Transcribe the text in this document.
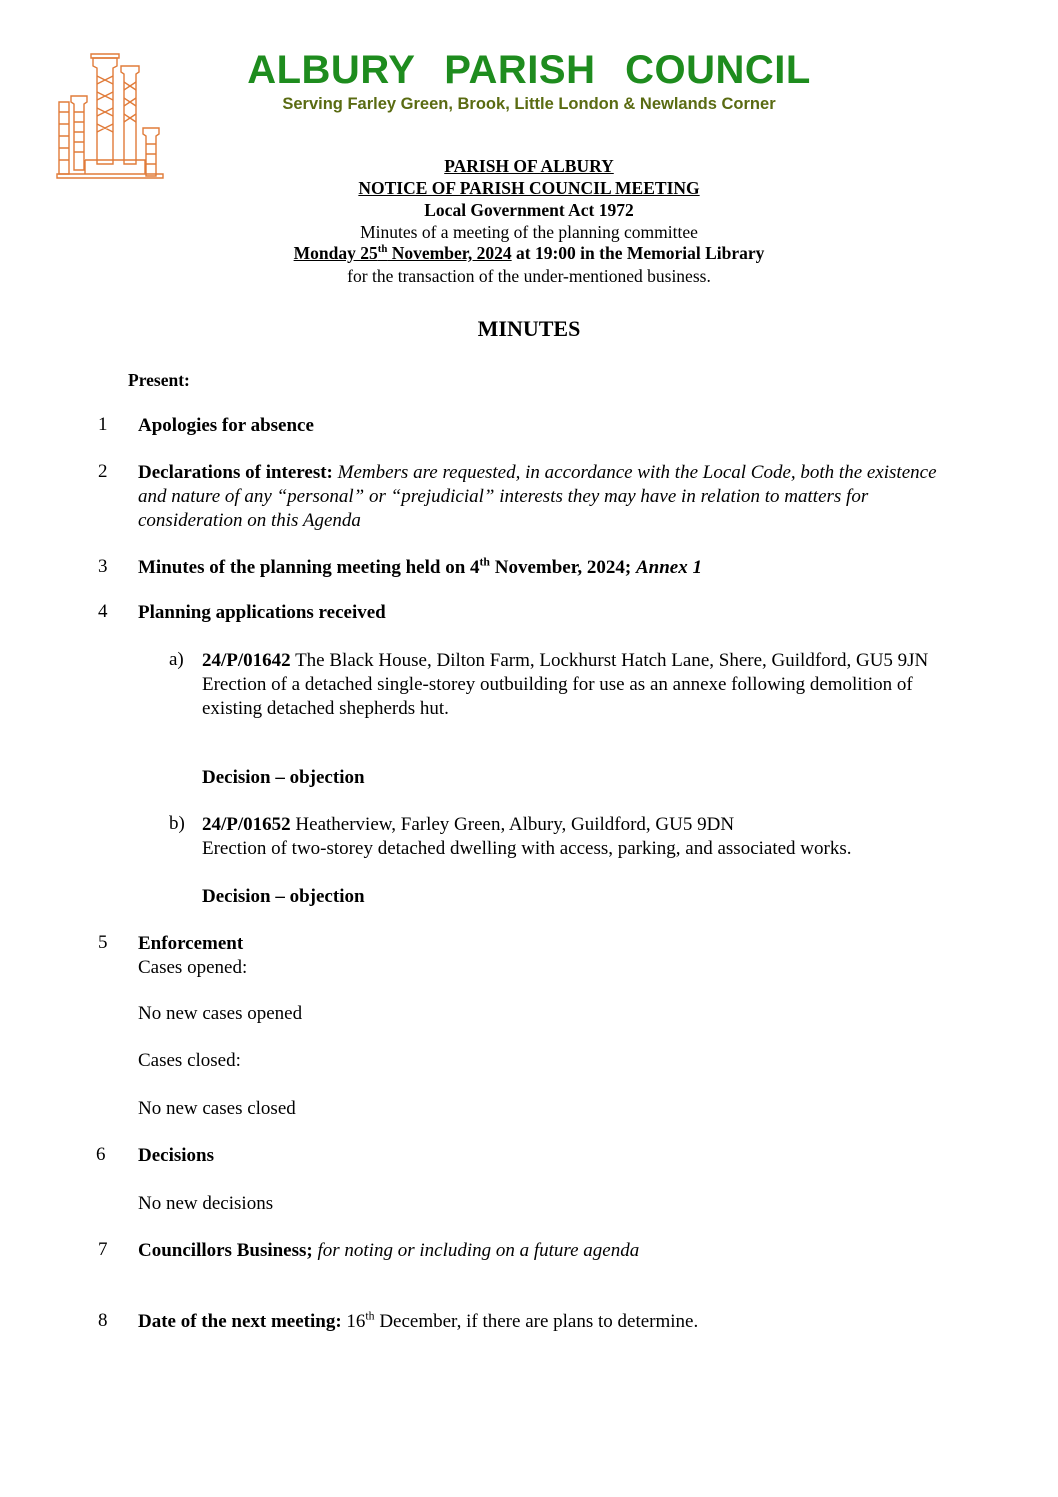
ALBURY PARISH COUNCIL
Serving Farley Green, Brook, Little London & Newlands Corner
PARISH OF ALBURY
NOTICE OF PARISH COUNCIL MEETING
Local Government Act 1972
Minutes of a meeting of the planning committee
Monday 25th November, 2024 at 19:00 in the Memorial Library
for the transaction of the under-mentioned business.
MINUTES
Present:
1	Apologies for absence
2	Declarations of interest: Members are requested, in accordance with the Local Code, both the existence and nature of any “personal” or “prejudicial” interests they may have in relation to matters for consideration on this Agenda
3	Minutes of the planning meeting held on 4th November, 2024; Annex 1
4	Planning applications received
a) 24/P/01642 The Black House, Dilton Farm, Lockhurst Hatch Lane, Shere, Guildford, GU5 9JN
Erection of a detached single-storey outbuilding for use as an annexe following demolition of existing detached shepherds hut.
Decision – objection
b) 24/P/01652 Heatherview, Farley Green, Albury, Guildford, GU5 9DN
Erection of two-storey detached dwelling with access, parking, and associated works.
Decision – objection
5	Enforcement
Cases opened:
No new cases opened
Cases closed:
No new cases closed
6	Decisions
No new decisions
7	Councillors Business; for noting or including on a future agenda
8	Date of the next meeting: 16th December, if there are plans to determine.
